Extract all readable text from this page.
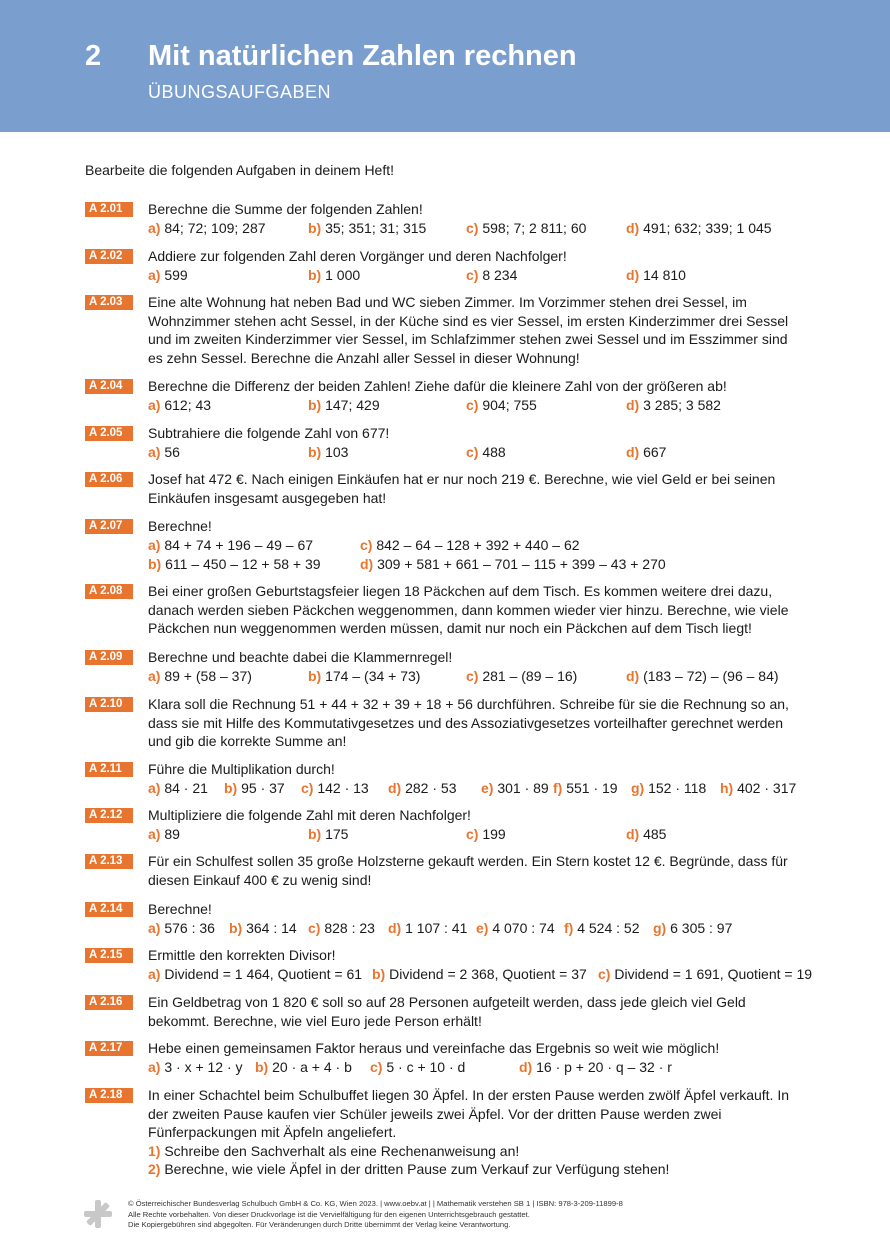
2 Mit natürlichen Zahlen rechnen
ÜBUNGSAUFGABEN
Bearbeite die folgenden Aufgaben in deinem Heft!
A 2.01	Berechne die Summe der folgenden Zahlen!
a) 84; 72; 109; 287	b) 35; 351; 31; 315	c) 598; 7; 2 811; 60	d) 491; 632; 339; 1 045
A 2.02	Addiere zur folgenden Zahl deren Vorgänger und deren Nachfolger!
a) 599	b) 1 000	c) 8 234	d) 14 810
A 2.03	Eine alte Wohnung hat neben Bad und WC sieben Zimmer. Im Vorzimmer stehen drei Sessel, im Wohnzimmer stehen acht Sessel, in der Küche sind es vier Sessel, im ersten Kinderzimmer drei Sessel und im zweiten Kinderzimmer vier Sessel, im Schlafzimmer stehen zwei Sessel und im Esszimmer sind es zehn Sessel. Berechne die Anzahl aller Sessel in dieser Wohnung!
A 2.04	Berechne die Differenz der beiden Zahlen! Ziehe dafür die kleinere Zahl von der größeren ab!
a) 612; 43	b) 147; 429	c) 904; 755	d) 3 285; 3 582
A 2.05	Subtrahiere die folgende Zahl von 677!
a) 56	b) 103	c) 488	d) 667
A 2.06	Josef hat 472 €. Nach einigen Einkäufen hat er nur noch 219 €. Berechne, wie viel Geld er bei seinen Einkäufen insgesamt ausgegeben hat!
A 2.07	Berechne!
a) 84 + 74 + 196 – 49 – 67	c) 842 – 64 – 128 + 392 + 440 – 62
b) 611 – 450 – 12 + 58 + 39	d) 309 + 581 + 661 – 701 – 115 + 399 – 43 + 270
A 2.08	Bei einer großen Geburtstagsfeier liegen 18 Päckchen auf dem Tisch. Es kommen weitere drei dazu, danach werden sieben Päckchen weggenommen, dann kommen wieder vier hinzu. Berechne, wie viele Päckchen nun weggenommen werden müssen, damit nur noch ein Päckchen auf dem Tisch liegt!
A 2.09	Berechne und beachte dabei die Klammernregel!
a) 89 + (58 – 37)	b) 174 – (34 + 73)	c) 281 – (89 – 16)	d) (183 – 72) – (96 – 84)
A 2.10	Klara soll die Rechnung 51 + 44 + 32 + 39 + 18 + 56 durchführen. Schreibe für sie die Rechnung so an, dass sie mit Hilfe des Kommutativgesetzes und des Assoziativgesetzes vorteilhafter gerechnet werden und gib die korrekte Summe an!
A 2.11	Führe die Multiplikation durch!
a) 84 · 21 b) 95 · 37 c) 142 · 13 d) 282 · 53 e) 301 · 89 f) 551 · 19 g) 152 · 118 h) 402 · 317
A 2.12	Multipliziere die folgende Zahl mit deren Nachfolger!
a) 89	b) 175	c) 199	d) 485
A 2.13	Für ein Schulfest sollen 35 große Holzsterne gekauft werden. Ein Stern kostet 12 €. Begründe, dass für diesen Einkauf 400 € zu wenig sind!
A 2.14	Berechne!
a) 576 : 36 b) 364 : 14 c) 828 : 23 d) 1 107 : 41 e) 4 070 : 74 f) 4 524 : 52 g) 6 305 : 97
A 2.15	Ermittle den korrekten Divisor!
a) Dividend = 1 464, Quotient = 61 b) Dividend = 2 368, Quotient = 37 c) Dividend = 1 691, Quotient = 19
A 2.16	Ein Geldbetrag von 1 820 € soll so auf 28 Personen aufgeteilt werden, dass jede gleich viel Geld bekommt. Berechne, wie viel Euro jede Person erhält!
A 2.17	Hebe einen gemeinsamen Faktor heraus und vereinfache das Ergebnis so weit wie möglich!
a) 3 · x + 12 · y b) 20 · a + 4 · b c) 5 · c + 10 · d	d) 16 · p + 20 · q – 32 · r
A 2.18	In einer Schachtel beim Schulbuffet liegen 30 Äpfel. In der ersten Pause werden zwölf Äpfel verkauft. In der zweiten Pause kaufen vier Schüler jeweils zwei Äpfel. Vor der dritten Pause werden zwei Fünferpackungen mit Äpfeln angeliefert.
1) Schreibe den Sachverhalt als eine Rechenanweisung an!
2) Berechne, wie viele Äpfel in der dritten Pause zum Verkauf zur Verfügung stehen!
© Österreichischer Bundesverlag Schulbuch GmbH & Co. KG, Wien 2023. | www.oebv.at | | Mathematik verstehen SB 1 | ISBN: 978-3-209-11899-8
Alle Rechte vorbehalten. Von dieser Druckvorlage ist die Vervielfältigung für den eigenen Unterrichtsgebrauch gestattet.
Die Kopiergebühren sind abgegolten. Für Veränderungen durch Dritte übernimmt der Verlag keine Verantwortung.
